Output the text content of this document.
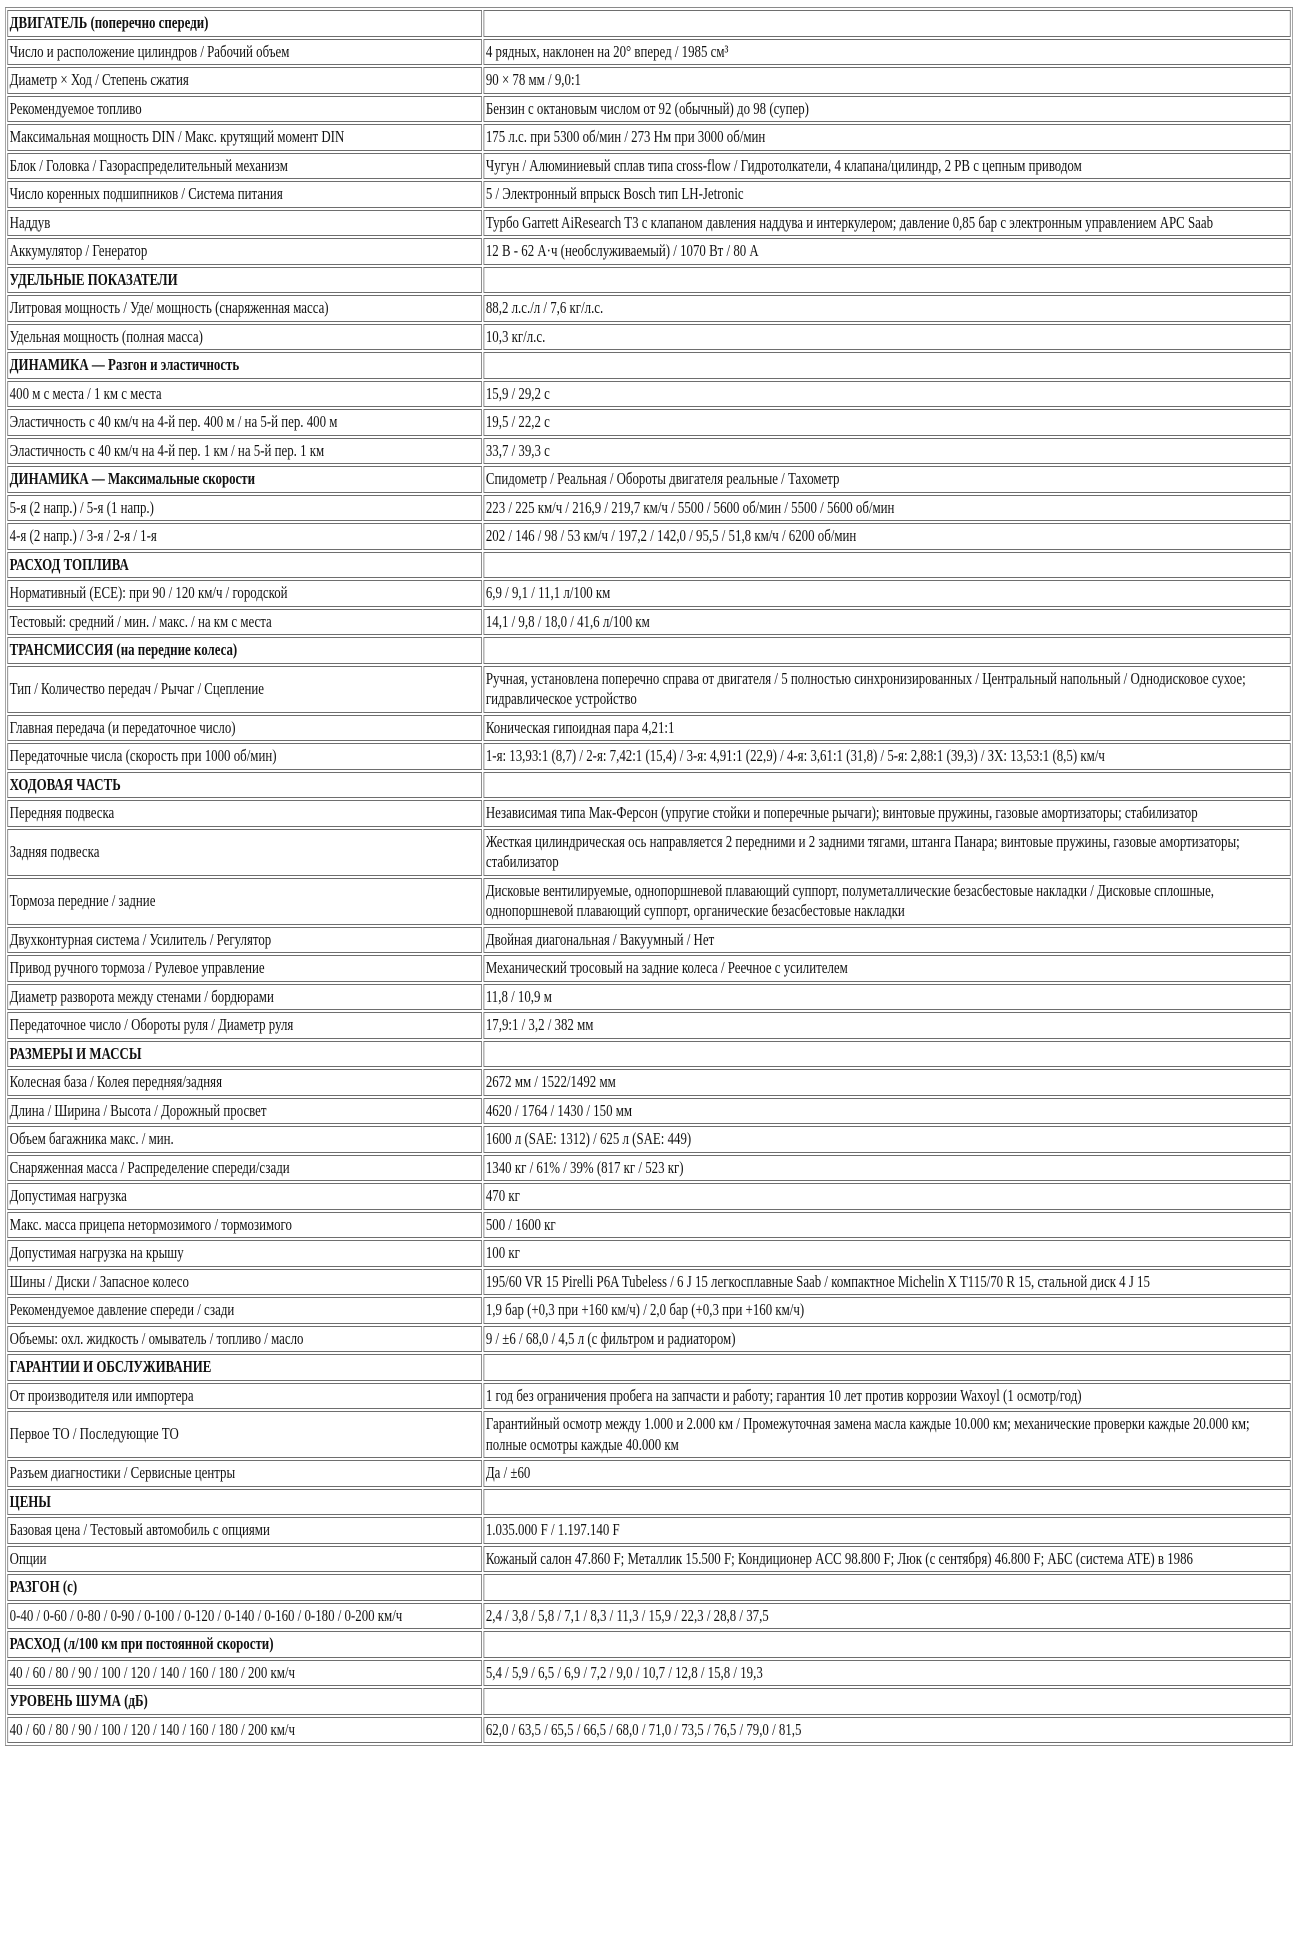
ДВИГАТЕЛЬ (поперечно спереди)	
Число и расположение цилиндров / Рабочий объем	4 рядных, наклонен на 20° вперед / 1985 см³
Диаметр × Ход / Степень сжатия	90 × 78 мм / 9,0:1
Рекомендуемое топливо	Бензин с октановым числом от 92 (обычный) до 98 (супер)
Максимальная мощность DIN / Макс. крутящий момент DIN	175 л.с. при 5300 об/мин / 273 Нм при 3000 об/мин
Блок / Головка / Газораспределительный механизм	Чугун / Алюминиевый сплав типа cross-flow / Гидротолкатели, 4 клапана/цилиндр, 2 РВ с цепным приводом
Число коренных подшипников / Система питания	5 / Электронный впрыск Bosch тип LH-Jetronic
Наддув	Турбо Garrett AiResearch T3 с клапаном давления наддува и интеркулером; давление 0,85 бар с электронным управлением APC Saab
Аккумулятор / Генератор	12 В - 62 А·ч (необслуживаемый) / 1070 Вт / 80 А
УДЕЛЬНЫЕ ПОКАЗАТЕЛИ	
Литровая мощность / Уде/ мощность (снаряженная масса)	88,2 л.с./л / 7,6 кг/л.с.
Удельная мощность (полная масса)	10,3 кг/л.с.
ДИНАМИКА — Разгон и эластичность	
400 м с места / 1 км с места	15,9 / 29,2 с
Эластичность с 40 км/ч на 4-й пер. 400 м / на 5-й пер. 400 м	19,5 / 22,2 с
Эластичность с 40 км/ч на 4-й пер. 1 км / на 5-й пер. 1 км	33,7 / 39,3 с
ДИНАМИКА — Максимальные скорости	Спидометр / Реальная / Обороты двигателя реальные / Тахометр
5-я (2 напр.) / 5-я (1 напр.)	223 / 225 км/ч / 216,9 / 219,7 км/ч / 5500 / 5600 об/мин / 5500 / 5600 об/мин
4-я (2 напр.) / 3-я / 2-я / 1-я	202 / 146 / 98 / 53 км/ч / 197,2 / 142,0 / 95,5 / 51,8 км/ч / 6200 об/мин
РАСХОД ТОПЛИВА	
Нормативный (ECE): при 90 / 120 км/ч / городской	6,9 / 9,1 / 11,1 л/100 км
Тестовый: средний / мин. / макс. / на км с места	14,1 / 9,8 / 18,0 / 41,6 л/100 км
ТРАНСМИССИЯ (на передние колеса)	
Тип / Количество передач / Рычаг / Сцепление	Ручная, установлена поперечно справа от двигателя / 5 полностью синхронизированных / Центральный напольный / Однодисковое сухое; гидравлическое устройство
Главная передача (и передаточное число)	Коническая гипоидная пара 4,21:1
Передаточные числа (скорость при 1000 об/мин)	1-я: 13,93:1 (8,7) / 2-я: 7,42:1 (15,4) / 3-я: 4,91:1 (22,9) / 4-я: 3,61:1 (31,8) / 5-я: 2,88:1 (39,3) / ЗХ: 13,53:1 (8,5) км/ч
ХОДОВАЯ ЧАСТЬ	
Передняя подвеска	Независимая типа Мак-Ферсон (упругие стойки и поперечные рычаги); винтовые пружины, газовые амортизаторы; стабилизатор
Задняя подвеска	Жесткая цилиндрическая ось направляется 2 передними и 2 задними тягами, штанга Панара; винтовые пружины, газовые амортизаторы; стабилизатор
Тормоза передние / задние	Дисковые вентилируемые, однопоршневой плавающий суппорт, полуметаллические безасбестовые накладки / Дисковые сплошные, однопоршневой плавающий суппорт, органические безасбестовые накладки
Двухконтурная система / Усилитель / Регулятор	Двойная диагональная / Вакуумный / Нет
Привод ручного тормоза / Рулевое управление	Механический тросовый на задние колеса / Реечное с усилителем
Диаметр разворота между стенами / бордюрами	11,8 / 10,9 м
Передаточное число / Обороты руля / Диаметр руля	17,9:1 / 3,2 / 382 мм
РАЗМЕРЫ И МАССЫ	
Колесная база / Колея передняя/задняя	2672 мм / 1522/1492 мм
Длина / Ширина / Высота / Дорожный просвет	4620 / 1764 / 1430 / 150 мм
Объем багажника макс. / мин.	1600 л (SAE: 1312) / 625 л (SAE: 449)
Снаряженная масса / Распределение спереди/сзади	1340 кг / 61% / 39% (817 кг / 523 кг)
Допустимая нагрузка	470 кг
Макс. масса прицепа нетормозимого / тормозимого	500 / 1600 кг
Допустимая нагрузка на крышу	100 кг
Шины / Диски / Запасное колесо	195/60 VR 15 Pirelli P6A Tubeless / 6 J 15 легкосплавные Saab / компактное Michelin X T115/70 R 15, стальной диск 4 J 15
Рекомендуемое давление спереди / сзади	1,9 бар (+0,3 при +160 км/ч) / 2,0 бар (+0,3 при +160 км/ч)
Объемы: охл. жидкость / омыватель / топливо / масло	9 / ±6 / 68,0 / 4,5 л (с фильтром и радиатором)
ГАРАНТИИ И ОБСЛУЖИВАНИЕ	
От производителя или импортера	1 год без ограничения пробега на запчасти и работу; гарантия 10 лет против коррозии Waxoyl (1 осмотр/год)
Первое ТО / Последующие ТО	Гарантийный осмотр между 1.000 и 2.000 км / Промежуточная замена масла каждые 10.000 км; механические проверки каждые 20.000 км; полные осмотры каждые 40.000 км
Разъем диагностики / Сервисные центры	Да / ±60
ЦЕНЫ	
Базовая цена / Тестовый автомобиль с опциями	1.035.000 F / 1.197.140 F
Опции	Кожаный салон 47.860 F; Металлик 15.500 F; Кондиционер ACC 98.800 F; Люк (с сентября) 46.800 F; АБС (система ATE) в 1986
РАЗГОН (с)	
0-40 / 0-60 / 0-80 / 0-90 / 0-100 / 0-120 / 0-140 / 0-160 / 0-180 / 0-200 км/ч	2,4 / 3,8 / 5,8 / 7,1 / 8,3 / 11,3 / 15,9 / 22,3 / 28,8 / 37,5
РАСХОД (л/100 км при постоянной скорости)	
40 / 60 / 80 / 90 / 100 / 120 / 140 / 160 / 180 / 200 км/ч	5,4 / 5,9 / 6,5 / 6,9 / 7,2 / 9,0 / 10,7 / 12,8 / 15,8 / 19,3
УРОВЕНЬ ШУМА (дБ)	
40 / 60 / 80 / 90 / 100 / 120 / 140 / 160 / 180 / 200 км/ч	62,0 / 63,5 / 65,5 / 66,5 / 68,0 / 71,0 / 73,5 / 76,5 / 79,0 / 81,5
